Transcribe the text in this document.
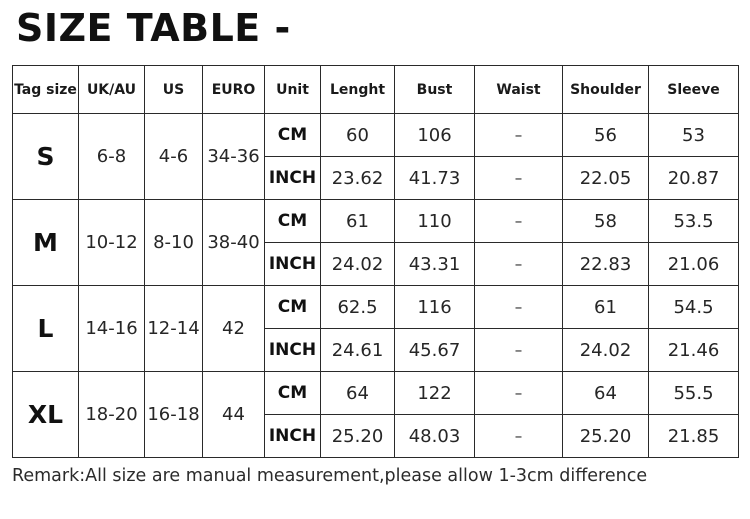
SIZE TABLE -
Tag size	UK/AU	US	EURO	Unit	Lenght	Bust	Waist	Shoulder	Sleeve
S	6-8	4-6	34-36	CM	60	106	–	56	53
				INCH	23.62	41.73	–	22.05	20.87
M	10-12	8-10	38-40	CM	61	110	–	58	53.5
				INCH	24.02	43.31	–	22.83	21.06
L	14-16	12-14	42	CM	62.5	116	–	61	54.5
				INCH	24.61	45.67	–	24.02	21.46
XL	18-20	16-18	44	CM	64	122	–	64	55.5
				INCH	25.20	48.03	–	25.20	21.85
Remark:All size are manual measurement,please allow 1-3cm difference
